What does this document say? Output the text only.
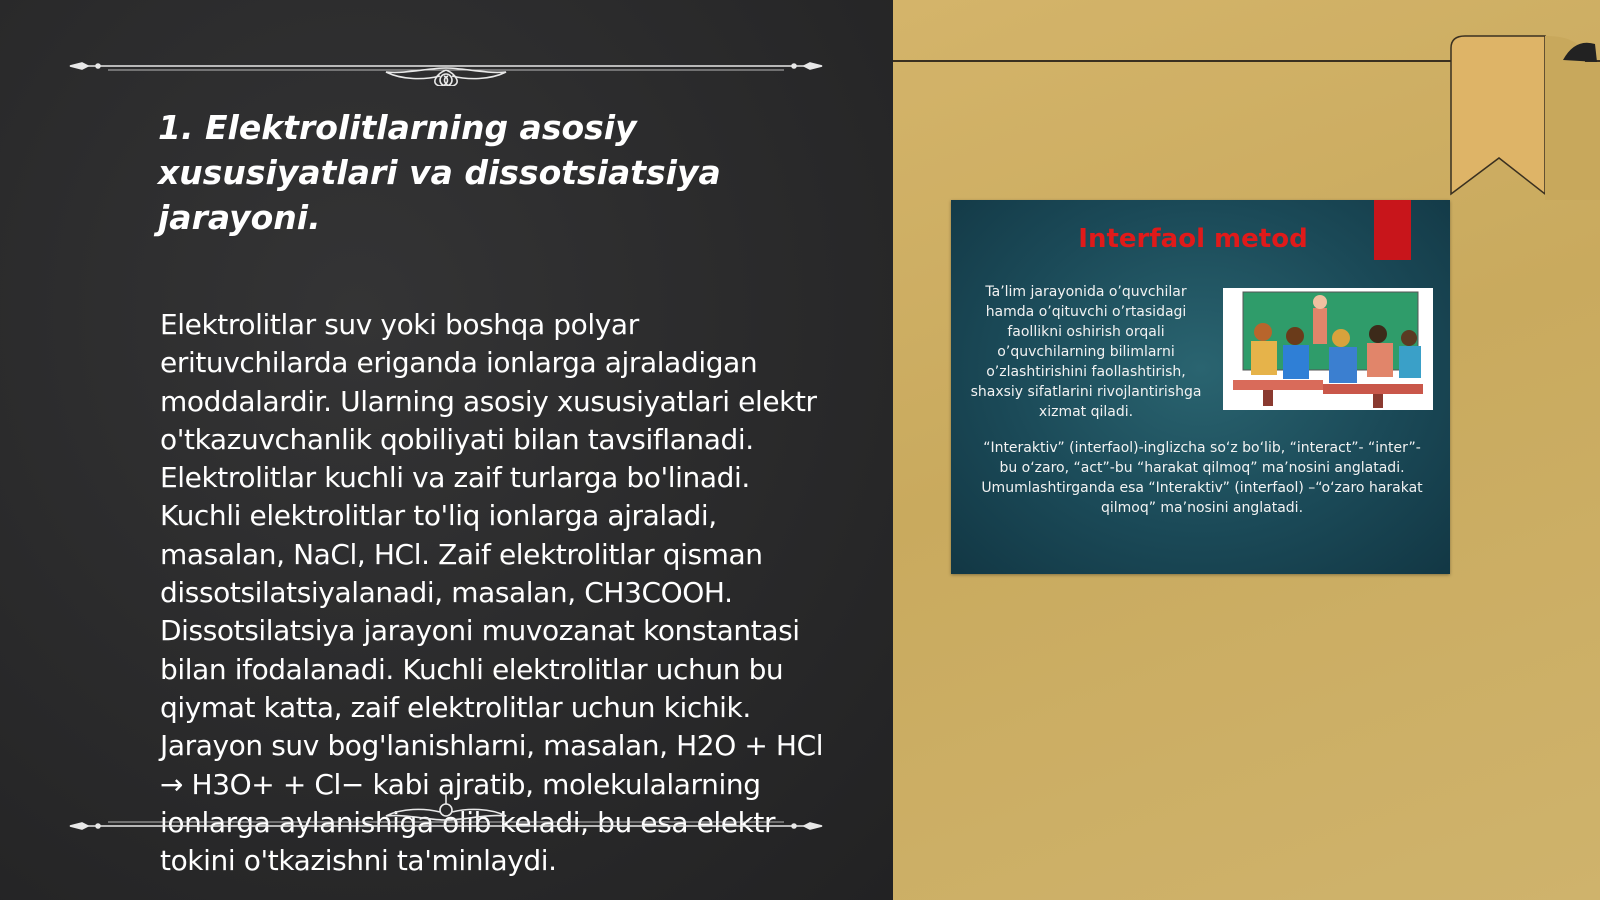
1. Elektrolitlarning asosiy xususiyatlari va dissotsiatsiya jarayoni.

Elektrolitlar suv yoki boshqa polyar erituvchilarda eriganda ionlarga ajraladigan moddalardir. Ularning asosiy xususiyatlari elektr o'tkazuvchanlik qobiliyati bilan tavsiflanadi. Elektrolitlar kuchli va zaif turlarga bo'linadi. Kuchli elektrolitlar to'liq ionlarga ajraladi, masalan, NaCl, HCl. Zaif elektrolitlar qisman dissotsilatsiyalanadi, masalan, CH3COOH. Dissotsilatsiya jarayoni muvozanat konstantasi bilan ifodalanadi. Kuchli elektrolitlar uchun bu qiymat katta, zaif elektrolitlar uchun kichik. Jarayon suv bog'lanishlarni, masalan, H2O + HCl → H3O+ + Cl− kabi ajratib, molekulalarning ionlarga aylanishiga olib keladi, bu esa elektr tokini o'tkazishni ta'minlaydi.

Interfaol metod

Ta’lim jarayonida o’quvchilar hamda o’qituvchi o’rtasidagi faollikni oshirish orqali o’quvchilarning bilimlarni o’zlashtirishini faollashtirish, shaxsiy sifatlarini rivojlantirishga xizmat qiladi.

“Interaktiv” (interfaol)-inglizcha so‘z bo‘lib, “interact”- “inter”-bu o‘zaro, “act”-bu “harakat qilmoq” ma’nosini anglatadi. Umumlashtirganda esa “Interaktiv” (interfaol) –“o‘zaro harakat qilmoq” ma’nosini anglatadi.
